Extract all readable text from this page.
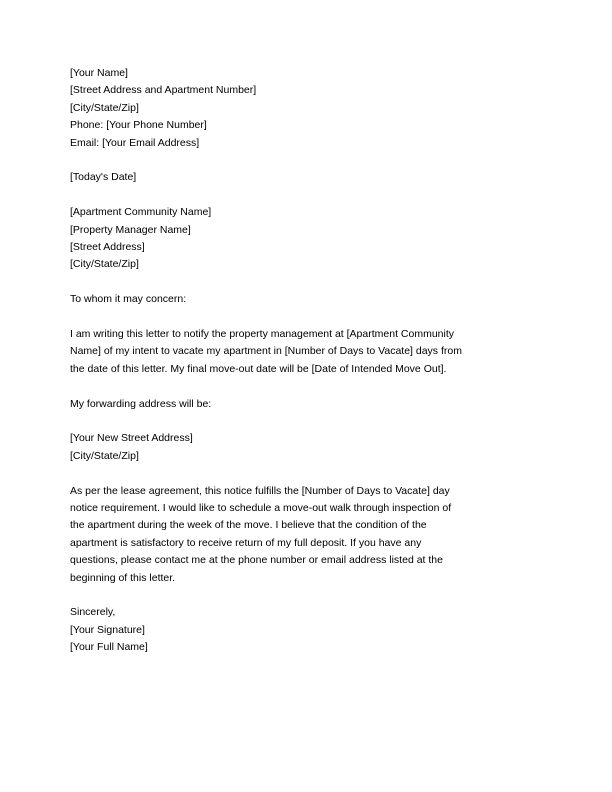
[Your Name]
[Street Address and Apartment Number]
[City/State/Zip]
Phone: [Your Phone Number]
Email: [Your Email Address]
[Today's Date]
[Apartment Community Name]
[Property Manager Name]
[Street Address]
[City/State/Zip]
To whom it may concern:
I am writing this letter to notify the property management at [Apartment Community
Name] of my intent to vacate my apartment in [Number of Days to Vacate] days from
the date of this letter. My final move-out date will be [Date of Intended Move Out].
My forwarding address will be:
[Your New Street Address]
[City/State/Zip]
As per the lease agreement, this notice fulfills the [Number of Days to Vacate] day
notice requirement. I would like to schedule a move-out walk through inspection of
the apartment during the week of the move. I believe that the condition of the
apartment is satisfactory to receive return of my full deposit. If you have any
questions, please contact me at the phone number or email address listed at the
beginning of this letter.
Sincerely,
[Your Signature]
[Your Full Name]
